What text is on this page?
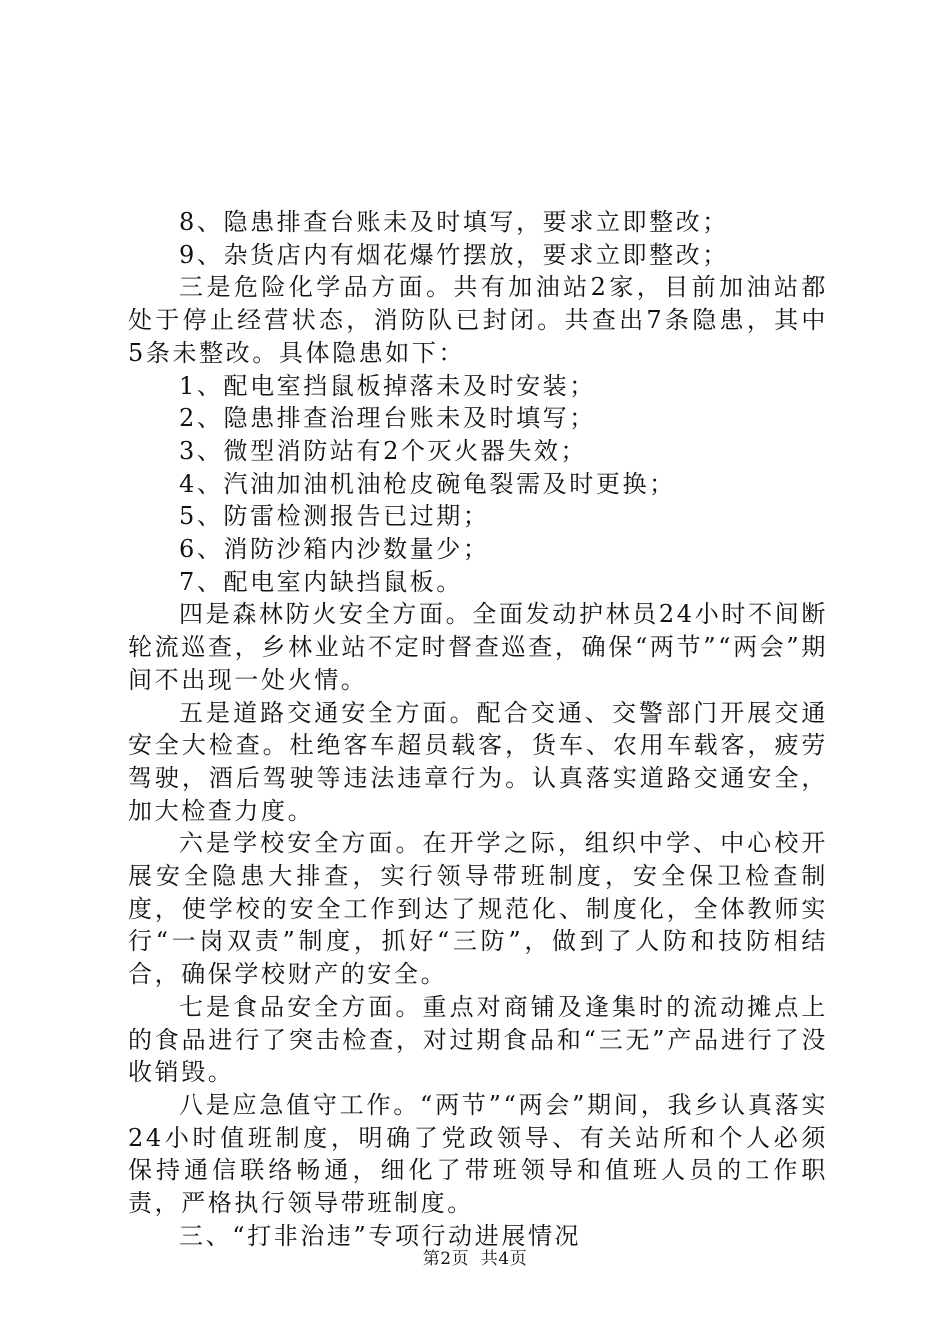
8、隐患排查台账未及时填写，要求立即整改；

9、杂货店内有烟花爆竹摆放，要求立即整改；

三是危险化学品方面。共有加油站2家，目前加油站都处于停止经营状态，消防队已封闭。共查出7条隐患，其中5条未整改。具体隐患如下：

1、配电室挡鼠板掉落未及时安装；

2、隐患排查治理台账未及时填写；

3、微型消防站有2个灭火器失效；

4、汽油加油机油枪皮碗龟裂需及时更换；

5、防雷检测报告已过期；

6、消防沙箱内沙数量少；

7、配电室内缺挡鼠板。

四是森林防火安全方面。全面发动护林员24小时不间断轮流巡查，乡林业站不定时督查巡查，确保“两节”“两会”期间不出现一处火情。

五是道路交通安全方面。配合交通、交警部门开展交通安全大检查。杜绝客车超员载客，货车、农用车载客，疲劳驾驶，酒后驾驶等违法违章行为。认真落实道路交通安全，加大检查力度。

六是学校安全方面。在开学之际，组织中学、中心校开展安全隐患大排查，实行领导带班制度，安全保卫检查制度，使学校的安全工作到达了规范化、制度化，全体教师实行“一岗双责”制度，抓好“三防”，做到了人防和技防相结合，确保学校财产的安全。

七是食品安全方面。重点对商铺及逢集时的流动摊点上的食品进行了突击检查，对过期食品和“三无”产品进行了没收销毁。

八是应急值守工作。“两节”“两会”期间，我乡认真落实24小时值班制度，明确了党政领导、有关站所和个人必须保持通信联络畅通，细化了带班领导和值班人员的工作职责，严格执行领导带班制度。

三、“打非治违”专项行动进展情况

第2页  共4页
